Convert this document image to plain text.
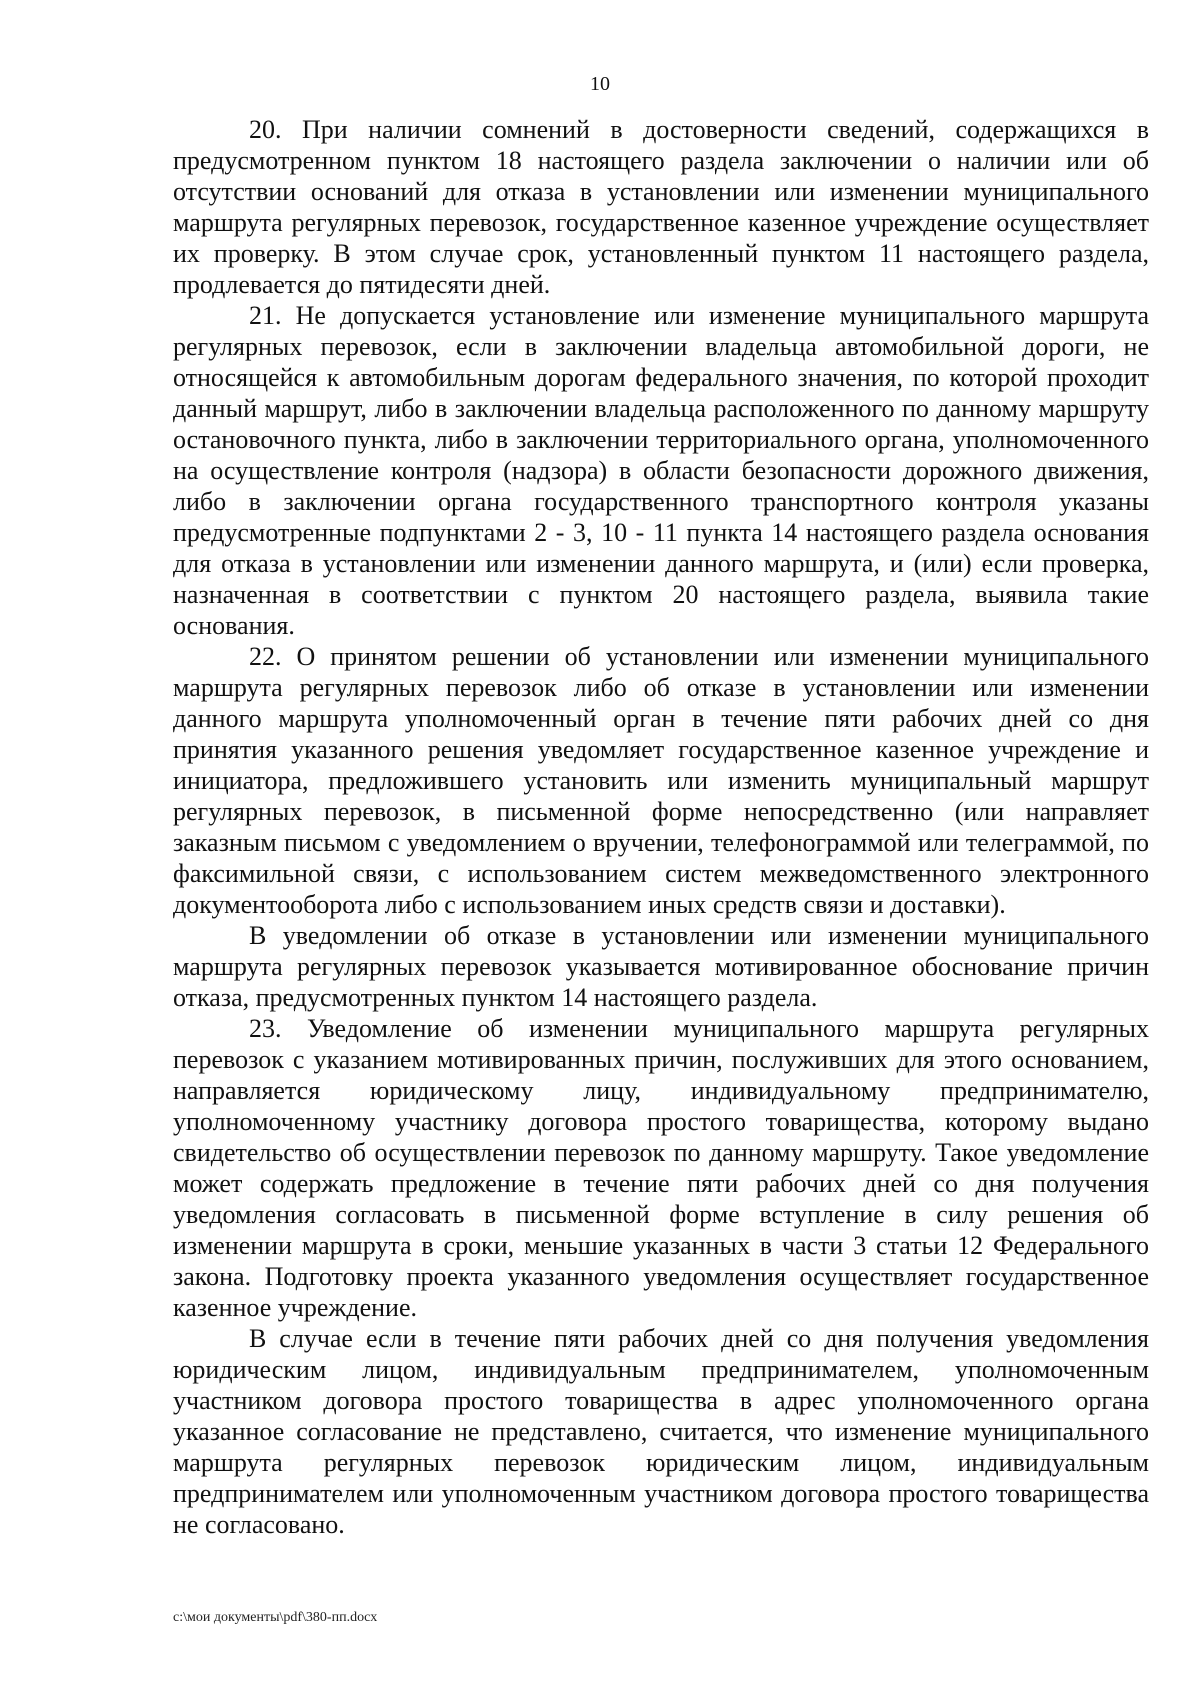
10

20. При наличии сомнений в достоверности сведений, содержащихся в предусмотренном пунктом 18 настоящего раздела заключении о наличии или об отсутствии оснований для отказа в установлении или изменении муниципального маршрута регулярных перевозок, государственное казенное учреждение осуществляет их проверку. В этом случае срок, установленный пунктом 11 настоящего раздела, продлевается до пятидесяти дней.

21. Не допускается установление или изменение муниципального маршрута регулярных перевозок, если в заключении владельца автомобильной дороги, не относящейся к автомобильным дорогам федерального значения, по которой проходит данный маршрут, либо в заключении владельца расположенного по данному маршруту остановочного пункта, либо в заключении территориального органа, уполномоченного на осуществление контроля (надзора) в области безопасности дорожного движения, либо в заключении органа государственного транспортного контроля указаны предусмотренные подпунктами 2 - 3, 10 - 11 пункта 14 настоящего раздела основания для отказа в установлении или изменении данного маршрута, и (или) если проверка, назначенная в соответствии с пунктом 20 настоящего раздела, выявила такие основания.

22. О принятом решении об установлении или изменении муниципального маршрута регулярных перевозок либо об отказе в установлении или изменении данного маршрута уполномоченный орган в течение пяти рабочих дней со дня принятия указанного решения уведомляет государственное казенное учреждение и инициатора, предложившего установить или изменить муниципальный маршрут регулярных перевозок, в письменной форме непосредственно (или направляет заказным письмом с уведомлением о вручении, телефонограммой или телеграммой, по факсимильной связи, с использованием систем межведомственного электронного документооборота либо с использованием иных средств связи и доставки).

В уведомлении об отказе в установлении или изменении муниципального маршрута регулярных перевозок указывается мотивированное обоснование причин отказа, предусмотренных пунктом 14 настоящего раздела.

23. Уведомление об изменении муниципального маршрута регулярных перевозок с указанием мотивированных причин, послуживших для этого основанием, направляется юридическому лицу, индивидуальному предпринимателю, уполномоченному участнику договора простого товарищества, которому выдано свидетельство об осуществлении перевозок по данному маршруту. Такое уведомление может содержать предложение в течение пяти рабочих дней со дня получения уведомления согласовать в письменной форме вступление в силу решения об изменении маршрута в сроки, меньшие указанных в части 3 статьи 12 Федерального закона. Подготовку проекта указанного уведомления осуществляет государственное казенное учреждение.

В случае если в течение пяти рабочих дней со дня получения уведомления юридическим лицом, индивидуальным предпринимателем, уполномоченным участником договора простого товарищества в адрес уполномоченного органа указанное согласование не представлено, считается, что изменение муниципального маршрута регулярных перевозок юридическим лицом, индивидуальным предпринимателем или уполномоченным участником договора простого товарищества не согласовано.

c:\мои документы\pdf\380-пп.docx
